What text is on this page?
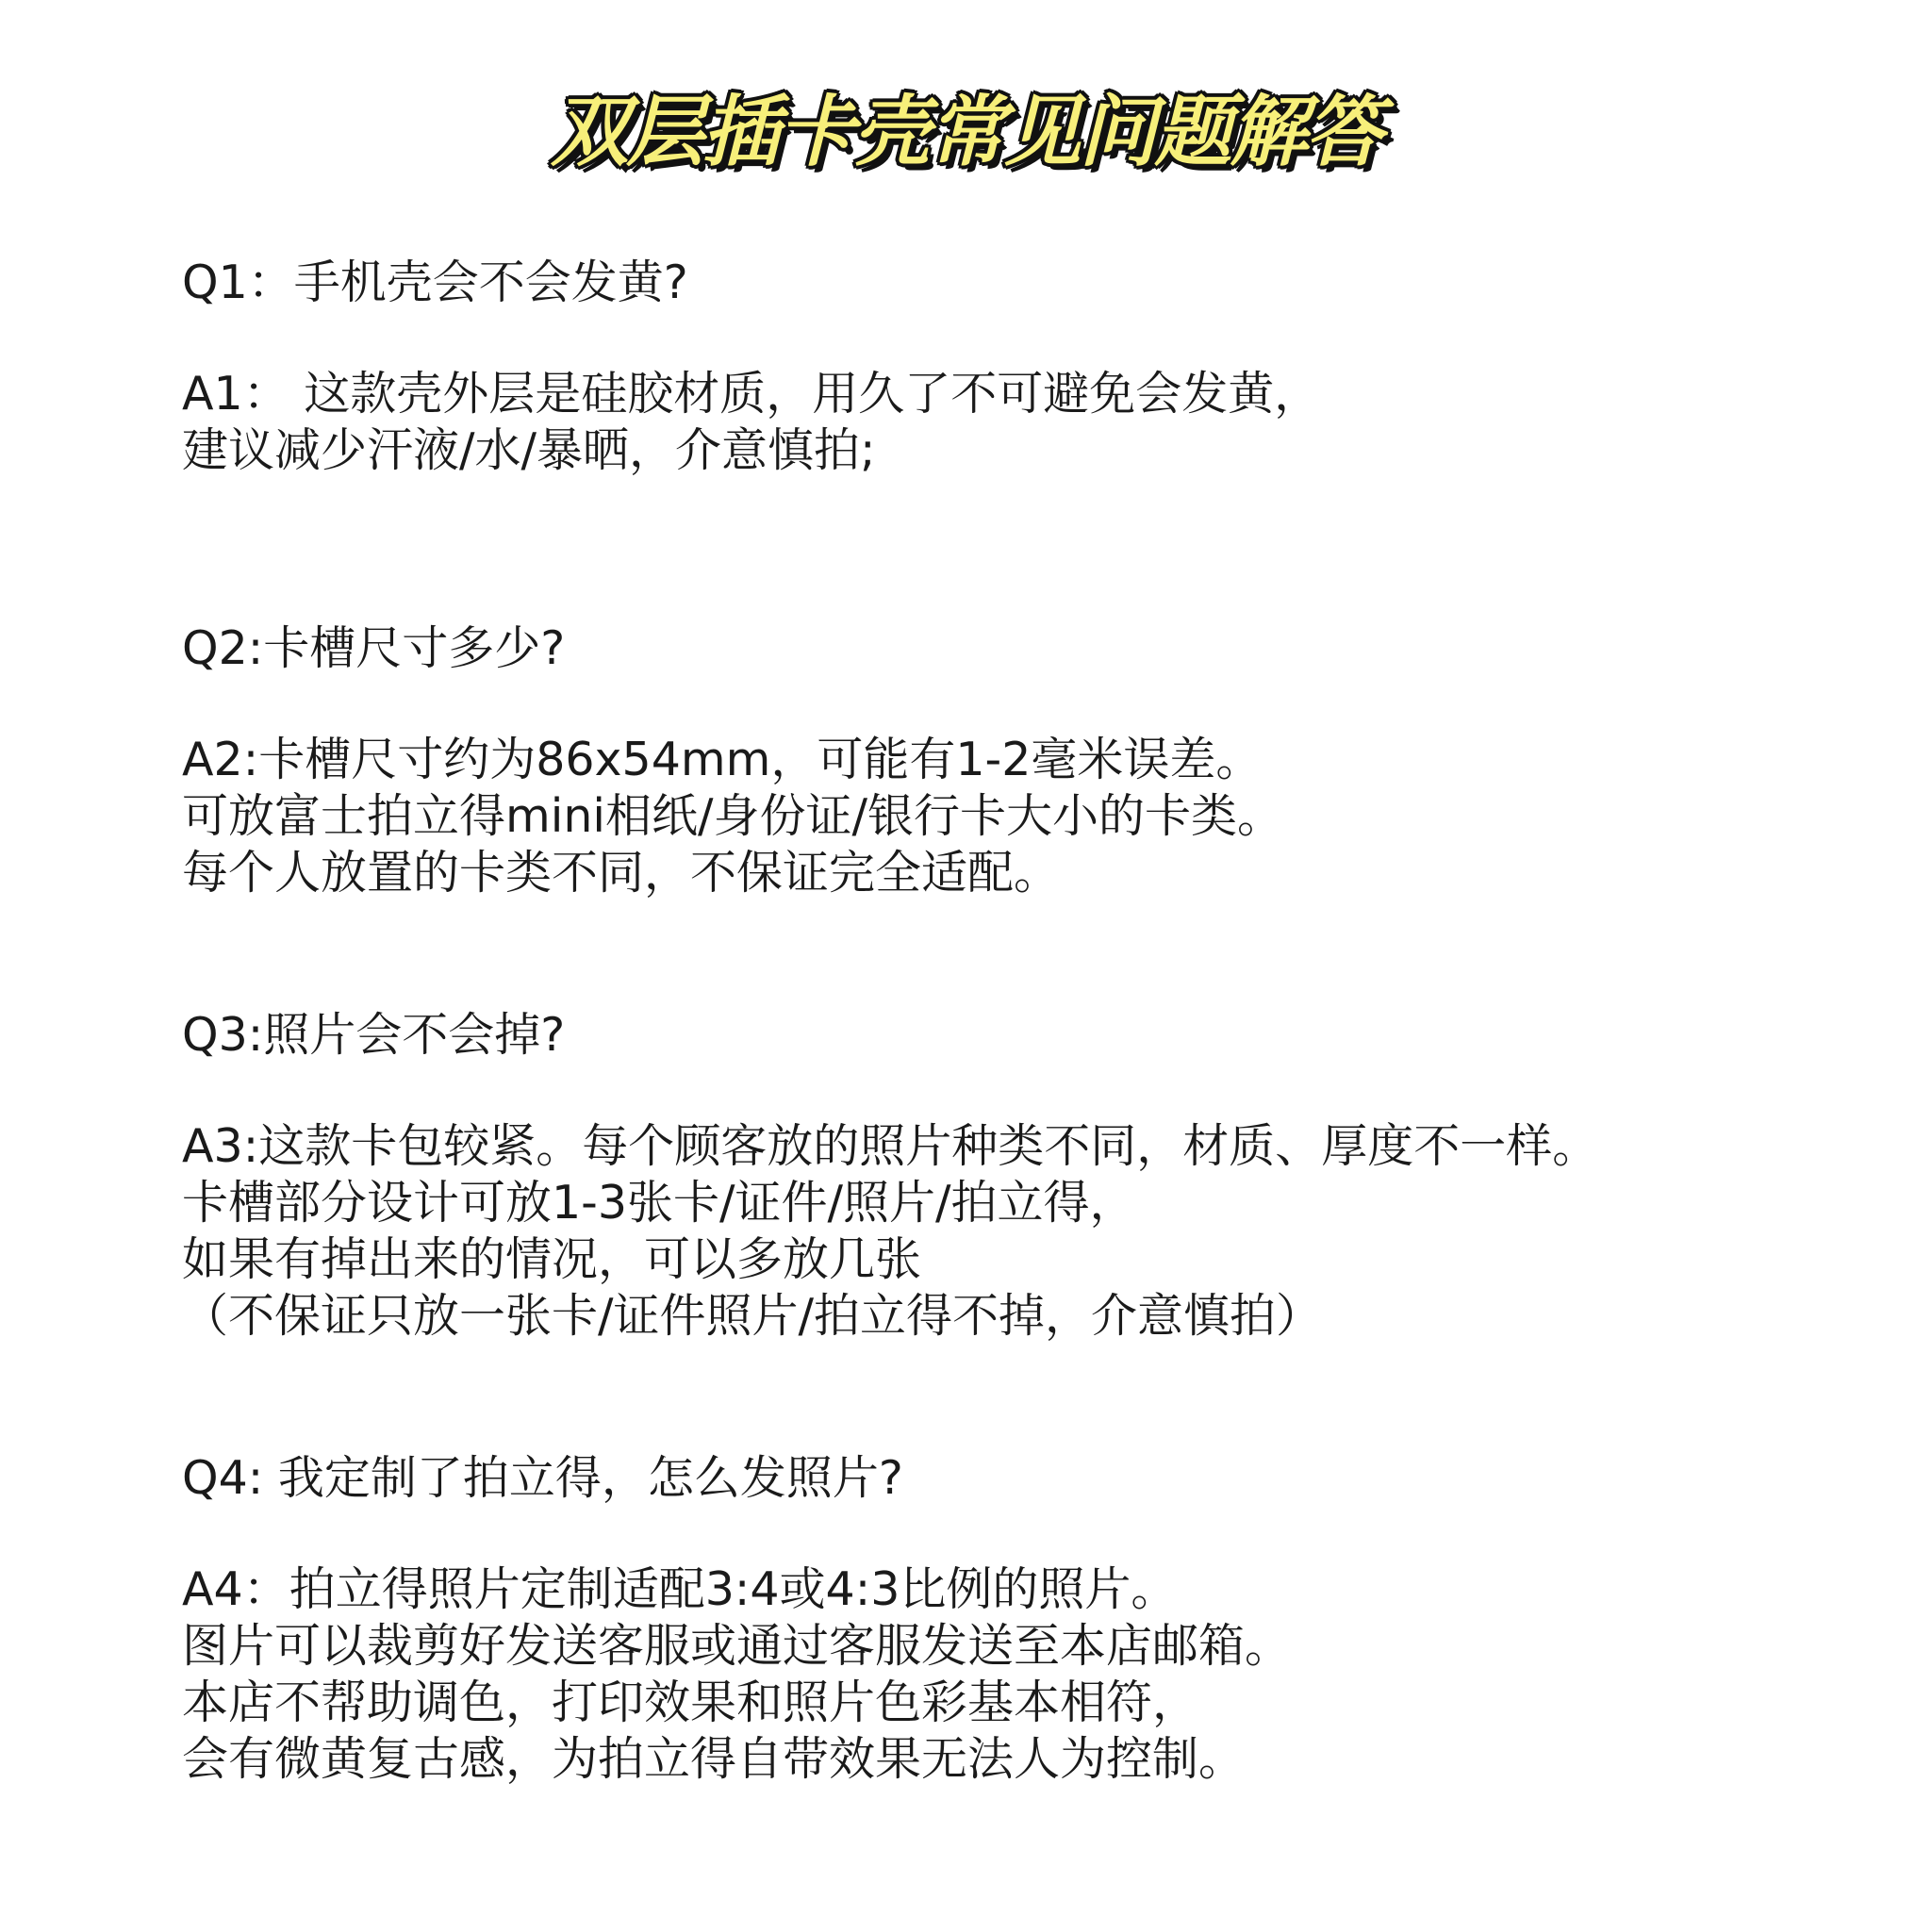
双层插卡壳常见问题解答

Q1：手机壳会不会发黄?

A1： 这款壳外层是硅胶材质，用久了不可避免会发黄，
建议减少汗液/水/暴晒，介意慎拍;

Q2:卡槽尺寸多少?

A2:卡槽尺寸约为86x54mm，可能有1-2毫米误差。
可放富士拍立得mini相纸/身份证/银行卡大小的卡类。
每个人放置的卡类不同，不保证完全适配。

Q3:照片会不会掉?

A3:这款卡包较紧。每个顾客放的照片种类不同，材质、厚度不一样。
卡槽部分设计可放1-3张卡/证件/照片/拍立得，
如果有掉出来的情况，可以多放几张
（不保证只放一张卡/证件照片/拍立得不掉，介意慎拍）

Q4: 我定制了拍立得，怎么发照片?

A4：拍立得照片定制适配3:4或4:3比例的照片。
图片可以裁剪好发送客服或通过客服发送至本店邮箱。
本店不帮助调色，打印效果和照片色彩基本相符，
会有微黄复古感，为拍立得自带效果无法人为控制。
